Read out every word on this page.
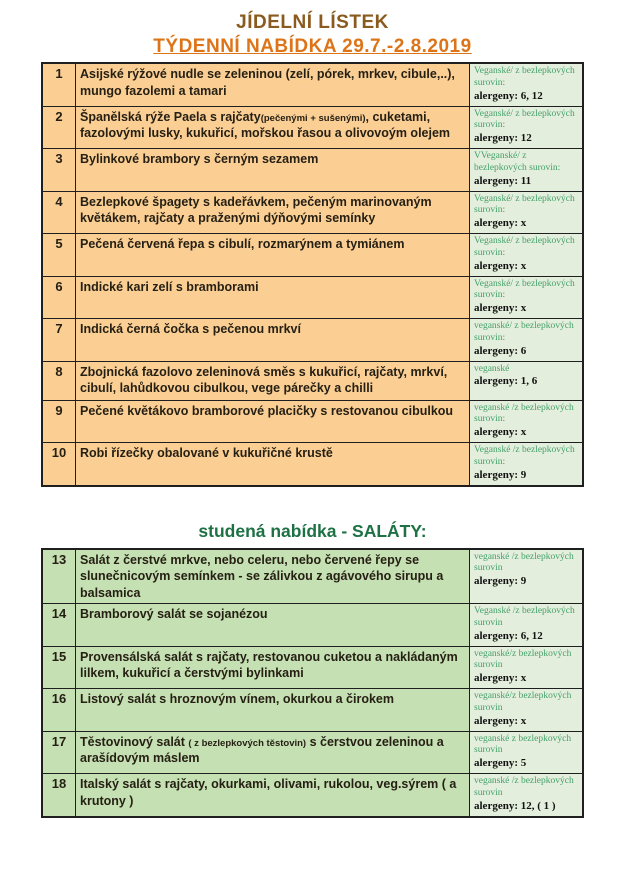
JÍDELNÍ LÍSTEK
TÝDENNÍ NABÍDKA 29.7.-2.8.2019
1	Asijské rýžové nudle se zeleninou (zelí, pórek, mrkev, cibule,..), mungo fazolemi a tamari	Veganské/ z bezlepkových surovin:
alergeny: 6, 12

2	Španělská rýže Paela s rajčaty(pečenými + sušenými), cuketami, fazolovými lusky, kukuřicí, mořskou řasou a olivovoým olejem	Veganské/ z bezlepkových surovin:
alergeny: 12

3	Bylinkové brambory s černým sezamem	VVeganské/ z bezlepkových surovin:
alergeny: 11

4	Bezlepkové špagety s kadeřávkem, pečeným marinovaným květákem, rajčaty a praženými dýňovými semínky	Veganské/ z bezlepkových surovin:
alergeny: x

5	Pečená červená řepa s cibulí, rozmarýnem a tymiánem	Veganské/ z bezlepkových surovin:
alergeny: x

6	Indické kari zelí s bramborami	Veganské/ z bezlepkových surovin:
alergeny: x

7	Indická černá čočka s pečenou mrkví	veganské/ z bezlepkových surovin:
alergeny: 6

8	Zbojnická fazolovo zeleninová směs s kukuřicí, rajčaty, mrkví, cibulí, lahůdkovou cibulkou, vege párečky a chilli	veganské
alergeny: 1, 6

9	Pečené květákovo bramborové placičky s restovanou cibulkou	veganské /z bezlepkových surovin:
alergeny: x

10	Robi řízečky obalované v kukuřičné krustě	Veganské /z bezlepkových surovin:
alergeny: 9
studená nabídka - SALÁTY:
13	Salát z čerstvé mrkve, nebo celeru, nebo červené řepy se slunečnicovým semínkem - se zálivkou z agávového sirupu a balsamica	veganské /z bezlepkových surovin
alergeny: 9

14	Bramborový salát se sojanézou	Veganské /z bezlepkových surovin
alergeny: 6, 12

15	Provensálská salát s rajčaty, restovanou cuketou a nakládaným lilkem, kukuřicí a čerstvými bylinkami	veganské/z bezlepkových surovin
alergeny: x

16	Listový salát s hroznovým vínem, okurkou a čirokem	veganské/z bezlepkových surovin
alergeny: x

17	Těstovinový salát ( z bezlepkových těstovin) s čerstvou zeleninou a arašídovým máslem	veganské z bezlepkových surovin
alergeny: 5

18	Italský salát s rajčaty, okurkami, olivami, rukolou, veg.sýrem ( a krutony )	veganské /z bezlepkových surovin
alergeny: 12, ( 1 )
